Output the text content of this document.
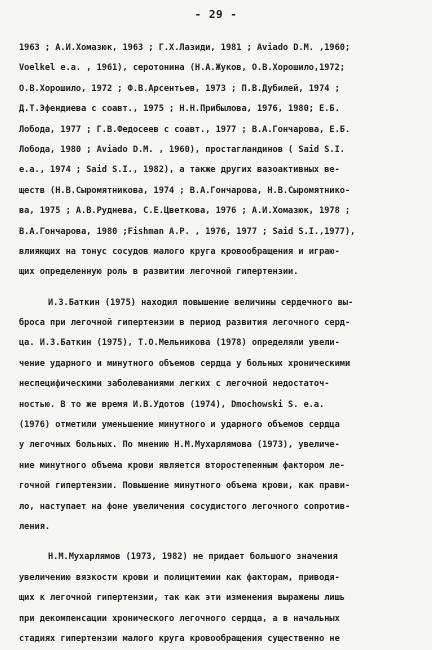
- 29 -
1963 ; А.И.Хомазюк, 1963 ; Г.Х.Лазиди, 1981 ; Aviado D.M. ,1960;
Voelkel e.a. , 1961), серотонина (Н.А.Жуков, О.В.Хорошило,1972;
О.В.Хорошило, 1972 ; Ф.В.Арсентьев, 1973 ; П.В.Дубилей, 1974 ;
Д.Т.Эфендиева с соавт., 1975 ; Н.Н.Прибылова, 1976, 1980; Е.Б.
Лобода, 1977 ; Г.В.Федосеев с соавт., 1977 ; В.А.Гончарова, Е.Б.
Лобода, 1980 ; Aviado D.M. , 1960), простагландинов ( Said S.I.
e.a., 1974 ; Said S.I., 1982), а также других вазоактивных ве-
ществ (Н.В.Сыромятникова, 1974 ; В.А.Гончарова, Н.В.Сыромятнико-
ва, 1975 ; А.В.Руднева, С.Е.Цветкова, 1976 ; А.И.Хомазюк, 1978 ;
В.А.Гончарова, 1980 ;Fishman A.P. , 1976, 1977 ; Said S.I.,1977),
влияющих на тонус сосудов малого круга кровообращения и играю-
щих определенную роль в развитии легочной гипертензии.
И.З.Баткин (1975) находил повышение величины сердечного вы-
броса при легочной гипертензии в период развития легочного серд-
ца. И.З.Баткин (1975), Т.О.Мельникова (1978) определяли увели-
чение ударного и минутного объемов сердца у больных хроническими
неспецифическими заболеваниями легких с легочной недостаточ-
ностью. В то же время И.В.Удотов (1974), Dmochowski S. e.a.
(1976) отметили уменьшение минутного и ударного объемов сердца
у легочных больных. По мнению Н.М.Мухарлямова (1973), увеличе-
ние минутного объема крови является второстепенным фактором ле-
гочной гипертензии. Повышение минутного объема крови, как прави-
ло, наступает на фоне увеличения сосудистого легочного сопротив-
ления.
Н.М.Мухарлямов (1973, 1982) не придает большого значения
увеличению вязкости крови и полицитемии как факторам, приводя-
щих к легочной гипертензии, так как эти изменения выражены лишь
при декомпенсации хронического легочного сердца, а в начальных
стадиях гипертензии малого круга кровообращения существенно не
